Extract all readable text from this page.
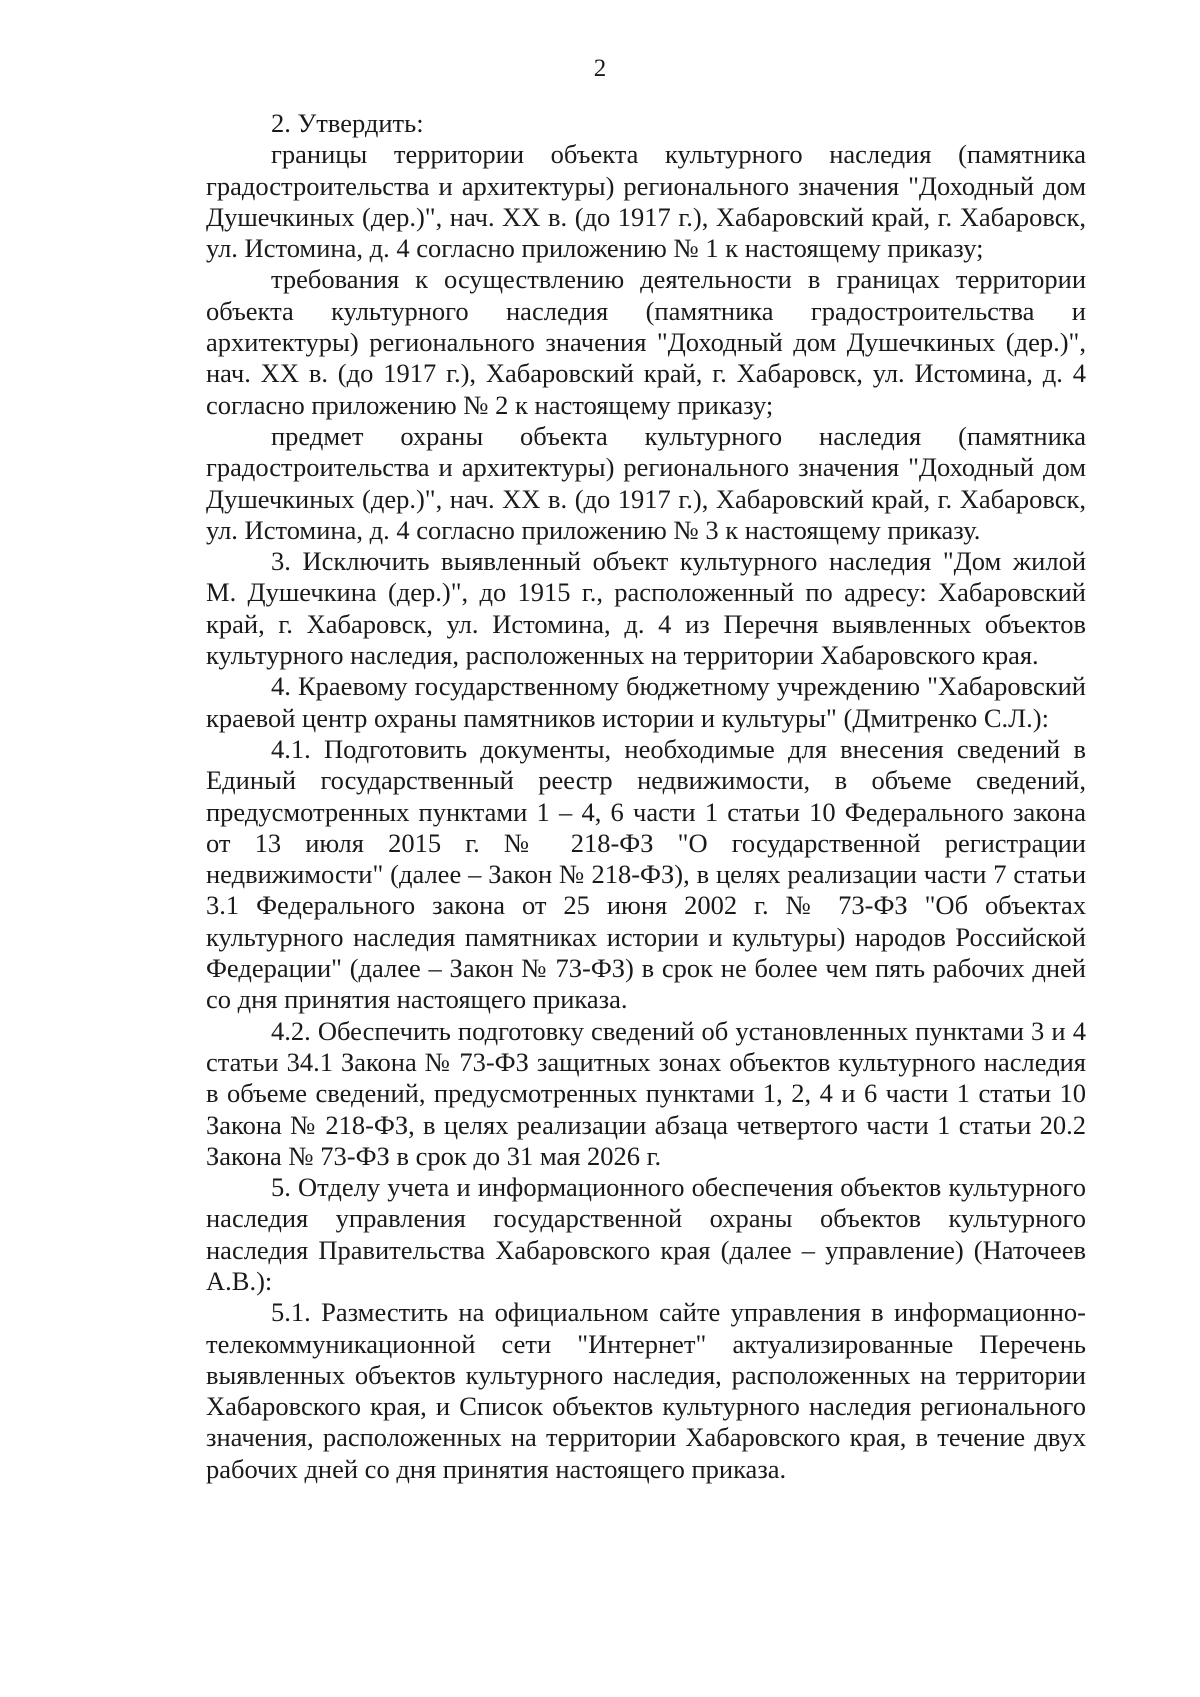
2

2. Утвердить:

границы территории объекта культурного наследия (памятника градостроительства и архитектуры) регионального значения "Доходный дом Душечкиных (дер.)", нач. XX в. (до 1917 г.), Хабаровский край, г. Хабаровск, ул. Истомина, д. 4 согласно приложению № 1 к настоящему приказу;

требования к осуществлению деятельности в границах территории объекта культурного наследия (памятника градостроительства и архитектуры) регионального значения "Доходный дом Душечкиных (дер.)", нач. XX в. (до 1917 г.), Хабаровский край, г. Хабаровск, ул. Истомина, д. 4 согласно приложению № 2 к настоящему приказу;

предмет охраны объекта культурного наследия (памятника градостроительства и архитектуры) регионального значения "Доходный дом Душечкиных (дер.)", нач. XX в. (до 1917 г.), Хабаровский край, г. Хабаровск, ул. Истомина, д. 4 согласно приложению № 3 к настоящему приказу.

3. Исключить выявленный объект культурного наследия "Дом жилой М. Душечкина (дер.)", до 1915 г., расположенный по адресу: Хабаровский край, г. Хабаровск, ул. Истомина, д. 4 из Перечня выявленных объектов культурного наследия, расположенных на территории Хабаровского края.

4. Краевому государственному бюджетному учреждению "Хабаровский краевой центр охраны памятников истории и культуры" (Дмитренко С.Л.):

4.1. Подготовить документы, необходимые для внесения сведений в Единый государственный реестр недвижимости, в объеме сведений, предусмотренных пунктами 1 – 4, 6 части 1 статьи 10 Федерального закона от 13 июля 2015 г. № 218-ФЗ "О государственной регистрации недвижимости" (далее – Закон № 218-ФЗ), в целях реализации части 7 статьи 3.1 Федерального закона от 25 июня 2002 г. № 73-ФЗ "Об объектах культурного наследия памятниках истории и культуры) народов Российской Федерации" (далее – Закон № 73-ФЗ) в срок не более чем пять рабочих дней со дня принятия настоящего приказа.

4.2. Обеспечить подготовку сведений об установленных пунктами 3 и 4 статьи 34.1 Закона № 73-ФЗ защитных зонах объектов культурного наследия в объеме сведений, предусмотренных пунктами 1, 2, 4 и 6 части 1 статьи 10 Закона № 218-ФЗ, в целях реализации абзаца четвертого части 1 статьи 20.2 Закона № 73-ФЗ в срок до 31 мая 2026 г.

5. Отделу учета и информационного обеспечения объектов культурного наследия управления государственной охраны объектов культурного наследия Правительства Хабаровского края (далее – управление) (Наточеев А.В.):

5.1. Разместить на официальном сайте управления в информационно-телекоммуникационной сети "Интернет" актуализированные Перечень выявленных объектов культурного наследия, расположенных на территории Хабаровского края, и Список объектов культурного наследия регионального значения, расположенных на территории Хабаровского края, в течение двух рабочих дней со дня принятия настоящего приказа.
